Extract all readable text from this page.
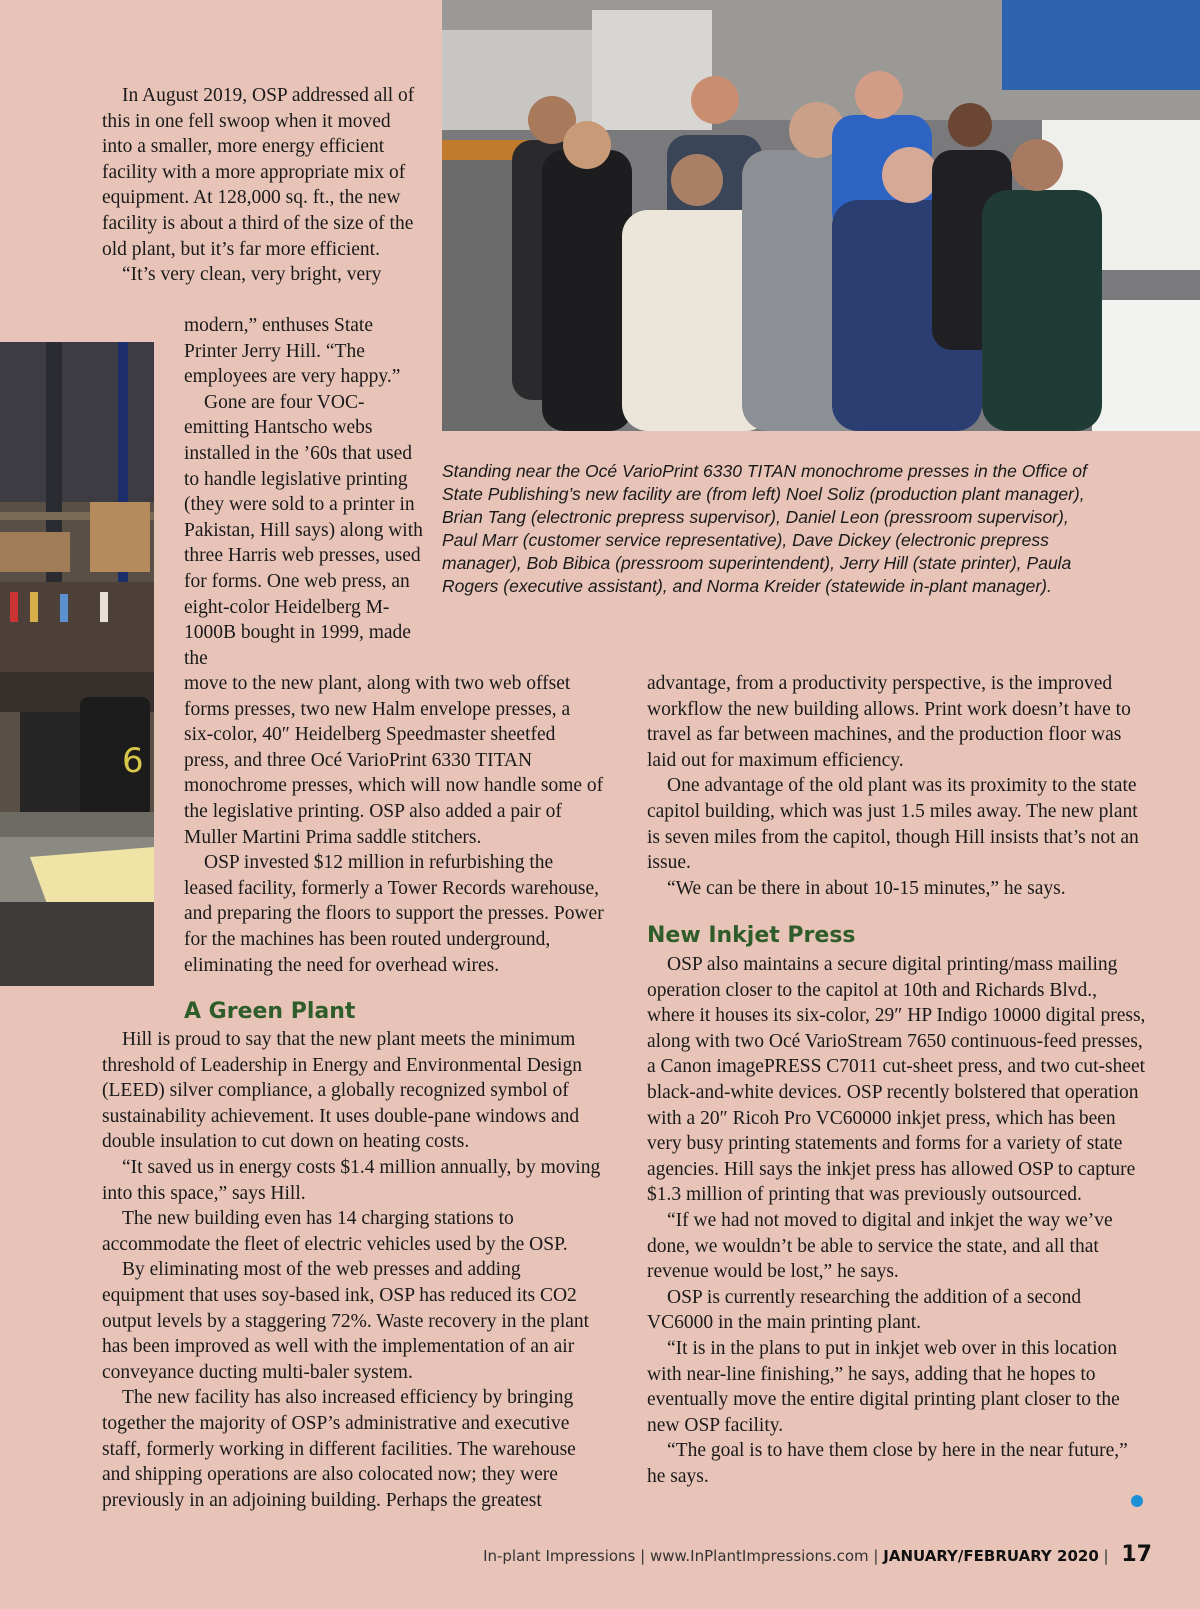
6

In August 2019, OSP addressed all of this in one fell swoop when it moved into a smaller, more energy efficient facility with a more appropriate mix of equipment. At 128,000 sq. ft., the new facility is about a third of the size of the old plant, but it’s far more efficient.

“It’s very clean, very bright, very

modern,” enthuses State Printer Jerry Hill. “The employees are very happy.”

Gone are four VOC-emitting Hantscho webs installed in the ’60s that used to handle legislative printing (they were sold to a printer in Pakistan, Hill says) along with three Harris web presses, used for forms. One web press, an eight-color Heidelberg M-1000B bought in 1999, made the

move to the new plant, along with two web offset forms presses, two new Halm envelope presses, a six-color, 40″ Heidelberg Speedmaster sheetfed press, and three Océ VarioPrint 6330 TITAN monochrome presses, which will now handle some of the legislative printing. OSP also added a pair of Muller Martini Prima saddle stitchers.

OSP invested $12 million in refurbishing the leased facility, formerly a Tower Records warehouse, and preparing the floors to support the presses. Power for the machines has been routed underground, eliminating the need for overhead wires.

A Green Plant

Hill is proud to say that the new plant meets the minimum threshold of Leadership in Energy and Environmental Design (LEED) silver compliance, a globally recognized symbol of sustainability achievement. It uses double-pane windows and double insulation to cut down on heating costs.

“It saved us in energy costs $1.4 million annually, by moving into this space,” says Hill.

The new building even has 14 charging stations to accommodate the fleet of electric vehicles used by the OSP.

By eliminating most of the web presses and adding equipment that uses soy-based ink, OSP has reduced its CO2 output levels by a staggering 72%. Waste recovery in the plant has been improved as well with the implementation of an air conveyance ducting multi-baler system.

The new facility has also increased efficiency by bringing together the majority of OSP’s administrative and executive staff, formerly working in different facilities. The warehouse and shipping operations are also colocated now; they were previously in an adjoining building. Perhaps the greatest

Standing near the Océ VarioPrint 6330 TITAN monochrome presses in the Office of State Publishing’s new facility are (from left) Noel Soliz (production plant manager), Brian Tang (electronic prepress supervisor), Daniel Leon (pressroom supervisor), Paul Marr (customer service representative), Dave Dickey (electronic prepress manager), Bob Bibica (pressroom superintendent), Jerry Hill (state printer), Paula Rogers (executive assistant), and Norma Kreider (statewide in-plant manager).

advantage, from a productivity perspective, is the improved workflow the new building allows. Print work doesn’t have to travel as far between machines, and the production floor was laid out for maximum efficiency.

One advantage of the old plant was its proximity to the state capitol building, which was just 1.5 miles away. The new plant is seven miles from the capitol, though Hill insists that’s not an issue.

“We can be there in about 10-15 minutes,” he says.

New Inkjet Press

OSP also maintains a secure digital printing/mass mailing operation closer to the capitol at 10th and Richards Blvd., where it houses its six-color, 29″ HP Indigo 10000 digital press, along with two Océ VarioStream 7650 continuous-feed presses, a Canon imagePRESS C7011 cut-sheet press, and two cut-sheet black-and-white devices. OSP recently bolstered that operation with a 20″ Ricoh Pro VC60000 inkjet press, which has been very busy printing statements and forms for a variety of state agencies. Hill says the inkjet press has allowed OSP to capture $1.3 million of printing that was previously outsourced.

“If we had not moved to digital and inkjet the way we’ve done, we wouldn’t be able to service the state, and all that revenue would be lost,” he says.

OSP is currently researching the addition of a second VC6000 in the main printing plant.

“It is in the plans to put in inkjet web over in this location with near-line finishing,” he says, adding that he hopes to eventually move the entire digital printing plant closer to the new OSP facility.

“The goal is to have them close by here in the near future,” he says.

In-plant Impressions | www.InPlantImpressions.com | JANUARY/FEBRUARY 2020 | 17
